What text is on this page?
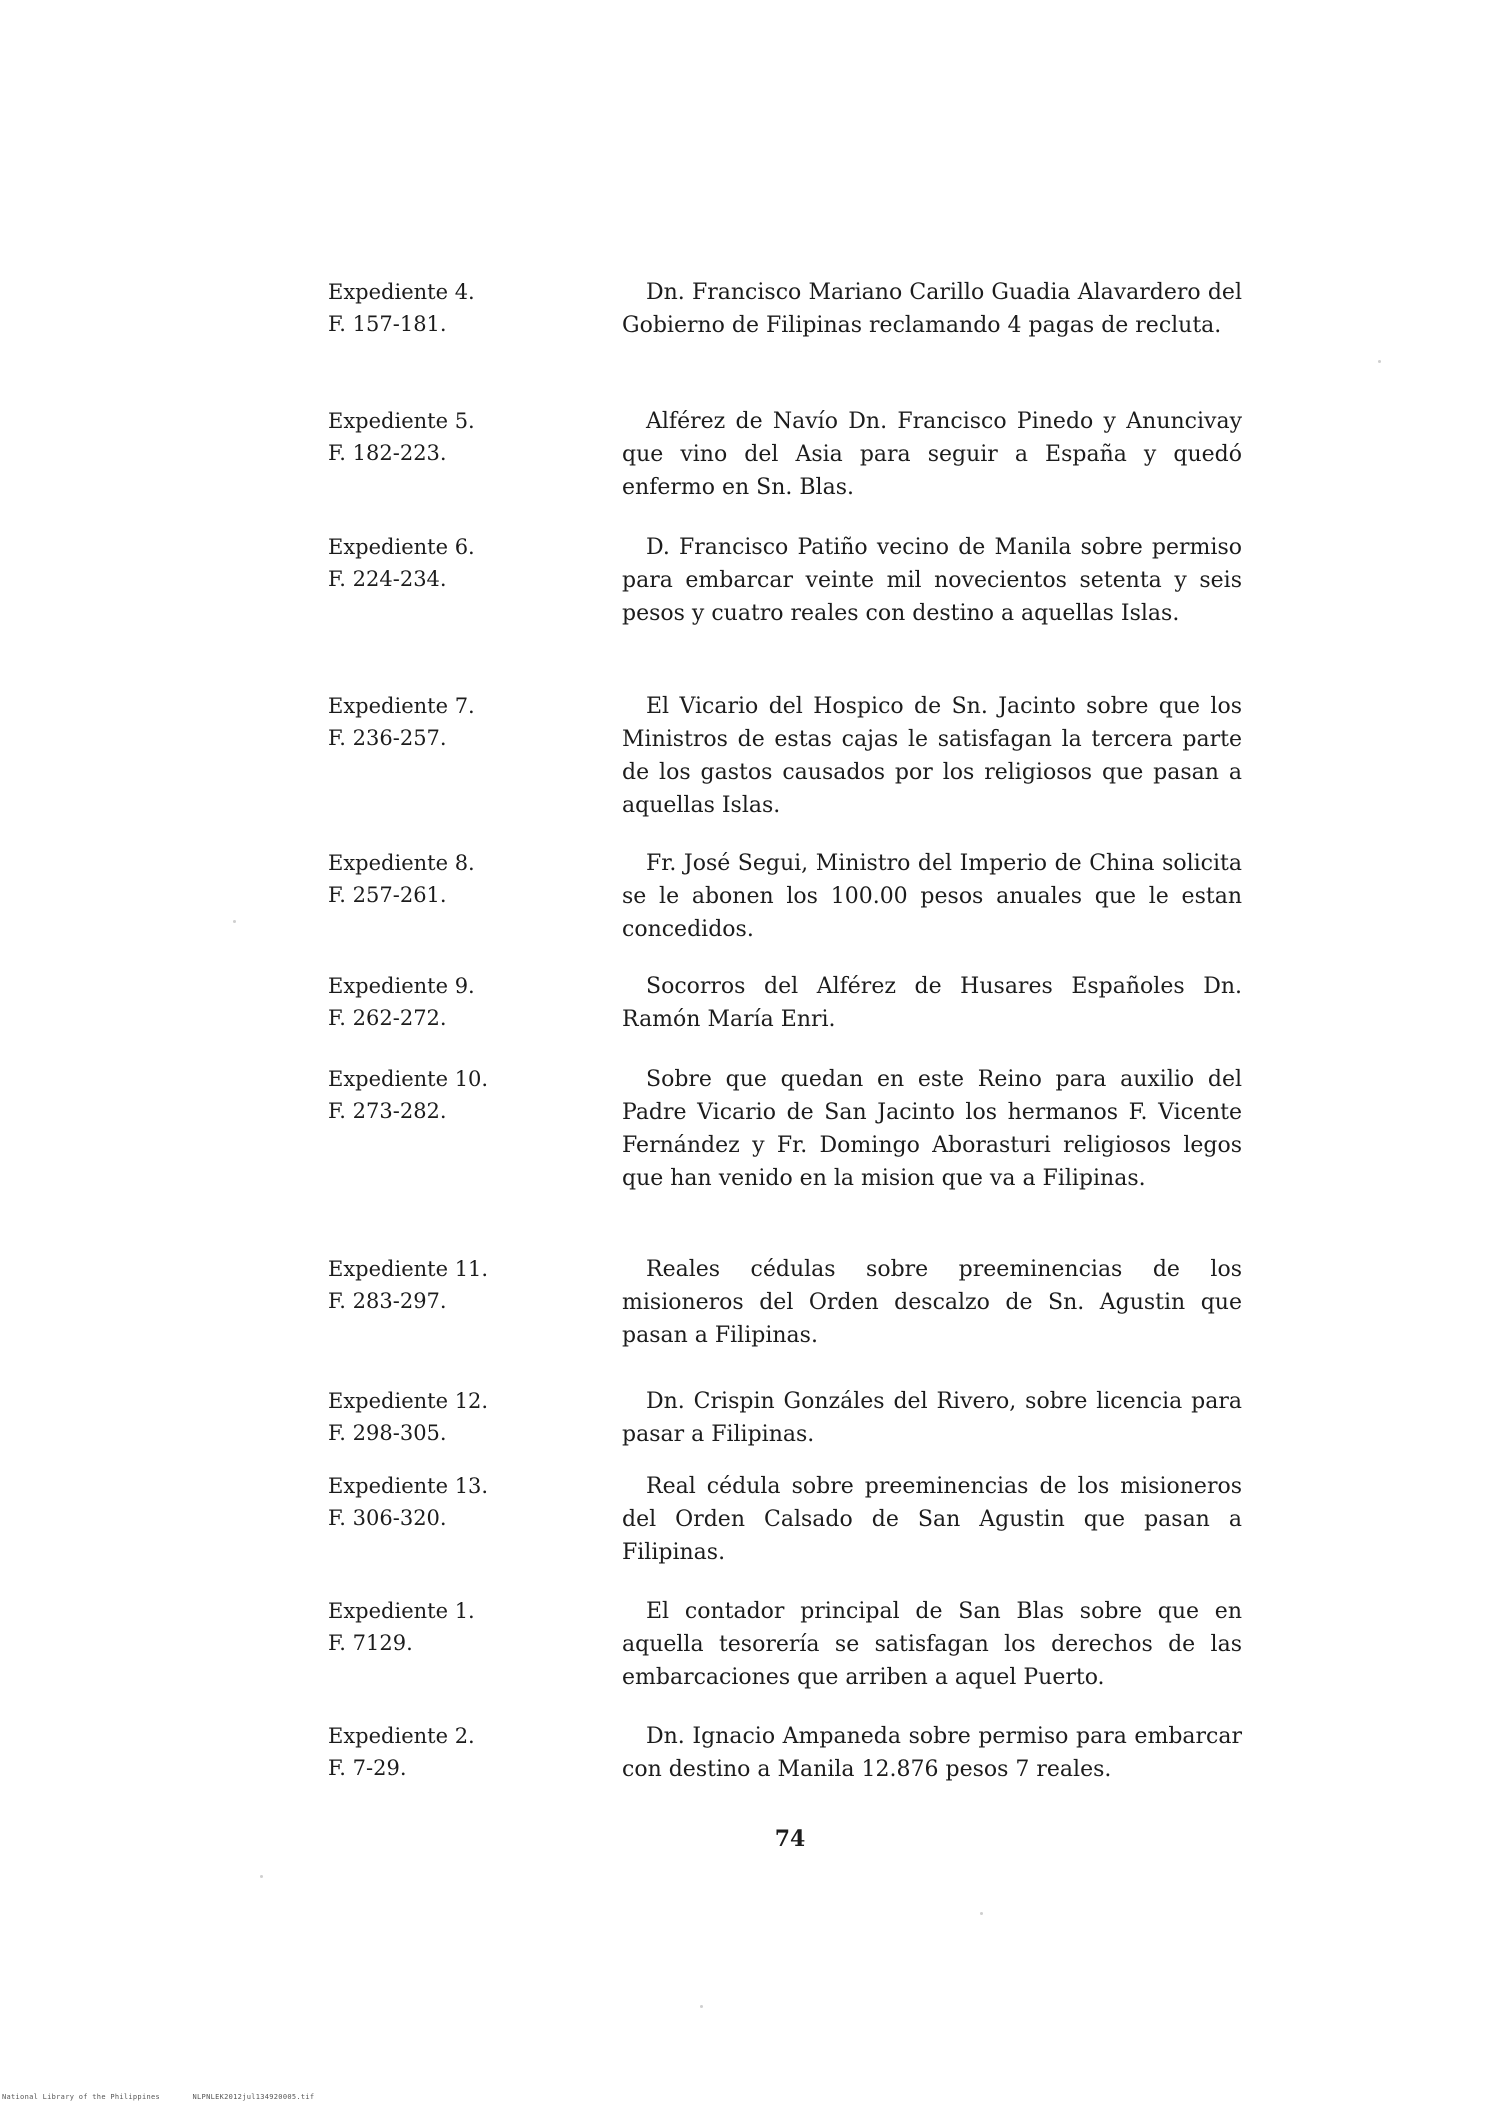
Expediente 4.
F. 157-181.
Dn. Francisco Mariano Carillo Guadia Alavardero del Gobierno de Filipinas reclamando 4 pagas de recluta.
Expediente 5.
F. 182-223.
Alférez de Navío Dn. Francisco Pinedo y Anuncivay que vino del Asia para seguir a España y quedó enfermo en Sn. Blas.
Expediente 6.
F. 224-234.
D. Francisco Patiño vecino de Manila sobre permiso para embarcar veinte mil novecientos setenta y seis pesos y cuatro reales con destino a aquellas Islas.
Expediente 7.
F. 236-257.
El Vicario del Hospico de Sn. Jacinto sobre que los Ministros de estas cajas le satisfagan la tercera parte de los gastos causados por los religiosos que pasan a aquellas Islas.
Expediente 8.
F. 257-261.
Fr. José Segui, Ministro del Imperio de China solicita se le abonen los 100.00 pesos anuales que le estan concedidos.
Expediente 9.
F. 262-272.
Socorros del Alférez de Husares Españoles Dn. Ramón María Enri.
Expediente 10.
F. 273-282.
Sobre que quedan en este Reino para auxilio del Padre Vicario de San Jacinto los hermanos F. Vicente Fernández y Fr. Domingo Aborasturi religiosos legos que han venido en la mision que va a Filipinas.
Expediente 11.
F. 283-297.
Reales cédulas sobre preeminencias de los misioneros del Orden descalzo de Sn. Agustin que pasan a Filipinas.
Expediente 12.
F. 298-305.
Dn. Crispin Gonzáles del Rivero, sobre licencia para pasar a Filipinas.
Expediente 13.
F. 306-320.
Real cédula sobre preeminencias de los misioneros del Orden Calsado de San Agustin que pasan a Filipinas.
Expediente 1.
F. 7129.
El contador principal de San Blas sobre que en aquella tesorería se satisfagan los derechos de las embarcaciones que arriben a aquel Puerto.
Expediente 2.
F. 7-29.
Dn. Ignacio Ampaneda sobre permiso para embarcar con destino a Manila 12.876 pesos 7 reales.
74
National Library of the Philippines	NLPNLEK2012jul134920005.tif
